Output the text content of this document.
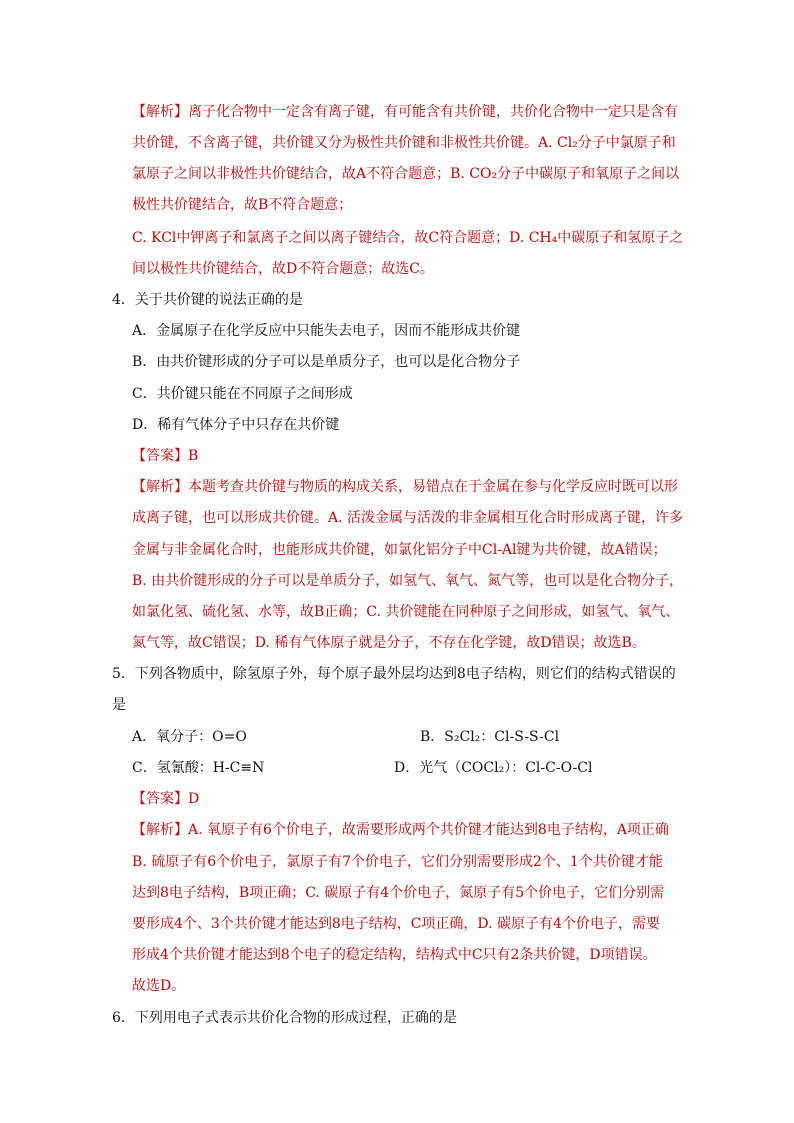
【解析】离子化合物中一定含有离子键，有可能含有共价键，共价化合物中一定只是含有
共价键，不含离子键，共价键又分为极性共价键和非极性共价键。A. Cl₂分子中氯原子和
氯原子之间以非极性共价键结合，故A不符合题意；B. CO₂分子中碳原子和氧原子之间以
极性共价键结合，故B不符合题意；
C. KCl中钾离子和氯离子之间以离子键结合，故C符合题意；D. CH₄中碳原子和氢原子之
间以极性共价键结合，故D不符合题意；故选C。
4．关于共价键的说法正确的是
A．金属原子在化学反应中只能失去电子，因而不能形成共价键
B．由共价键形成的分子可以是单质分子，也可以是化合物分子
C．共价键只能在不同原子之间形成
D．稀有气体分子中只存在共价键
【答案】B
【解析】本题考查共价键与物质的构成关系，易错点在于金属在参与化学反应时既可以形
成离子键，也可以形成共价键。A. 活泼金属与活泼的非金属相互化合时形成离子键，许多
金属与非金属化合时，也能形成共价键，如氯化铝分子中Cl-Al键为共价键，故A错误；
B. 由共价键形成的分子可以是单质分子，如氢气、氧气、氮气等，也可以是化合物分子，
如氯化氢、硫化氢、水等，故B正确；C. 共价键能在同种原子之间形成，如氢气、氧气、
氮气等，故C错误；D. 稀有气体原子就是分子，不存在化学键，故D错误；故选B。
5．下列各物质中，除氢原子外，每个原子最外层均达到8电子结构，则它们的结构式错误的
是
A．氧分子：O=O	B．S₂Cl₂：Cl-S-S-Cl
C．氢氰酸：H-C≡N	D．光气（COCl₂）：Cl-C-O-Cl
【答案】D
【解析】A. 氧原子有6个价电子，故需要形成两个共价键才能达到8电子结构，A项正确
B. 硫原子有6个价电子，氯原子有7个价电子，它们分别需要形成2个、1个共价键才能
达到8电子结构，B项正确；C. 碳原子有4个价电子，氮原子有5个价电子，它们分别需
要形成4个、3个共价键才能达到8电子结构，C项正确，D. 碳原子有4个价电子，需要
形成4个共价键才能达到8个电子的稳定结构，结构式中C只有2条共价键，D项错误。
故选D。
6．下列用电子式表示共价化合物的形成过程，正确的是
